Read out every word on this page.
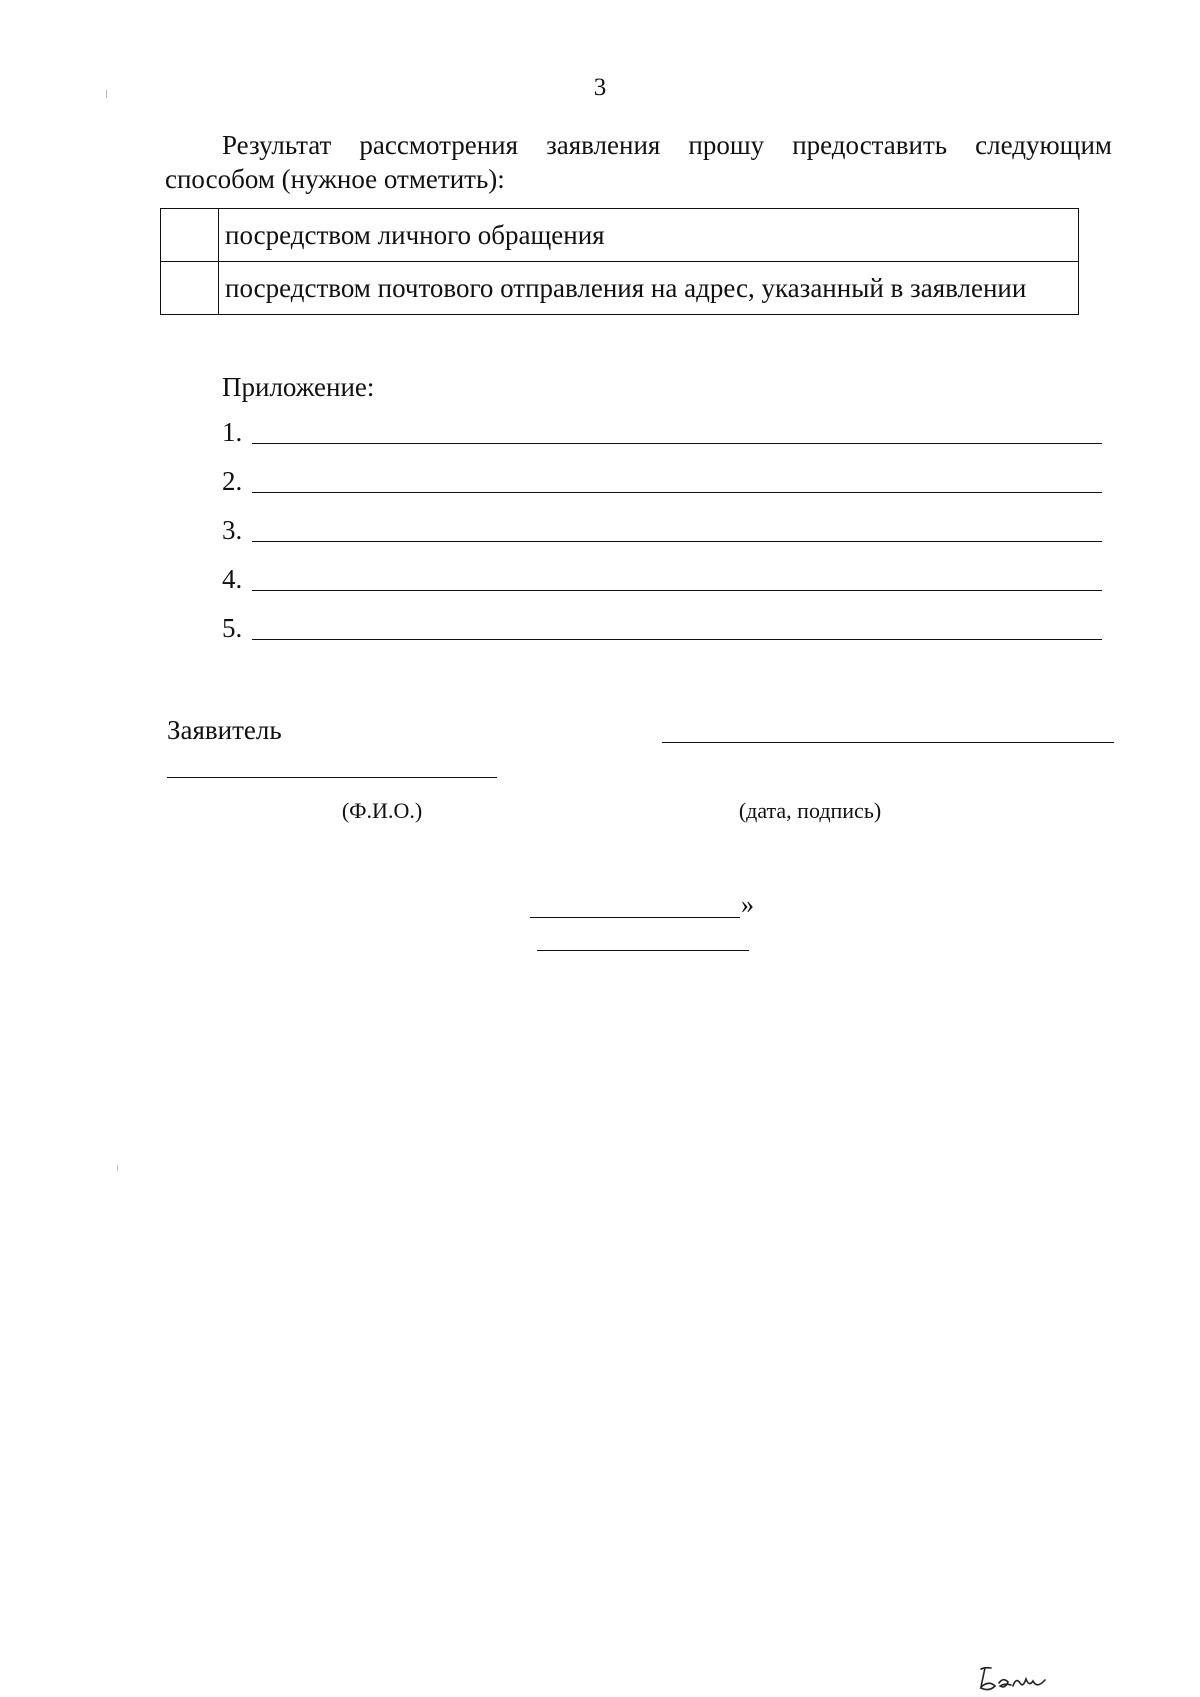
3
Результат рассмотрения заявления прошу предоставить следующим способом (нужное отметить):
	посредством личного обращения
	посредством почтового отправления на адрес, указанный в заявлении
Приложение:
1.
2.
3.
4.
5.
Заявитель
(Ф.И.О.)	(дата, подпись)
»
